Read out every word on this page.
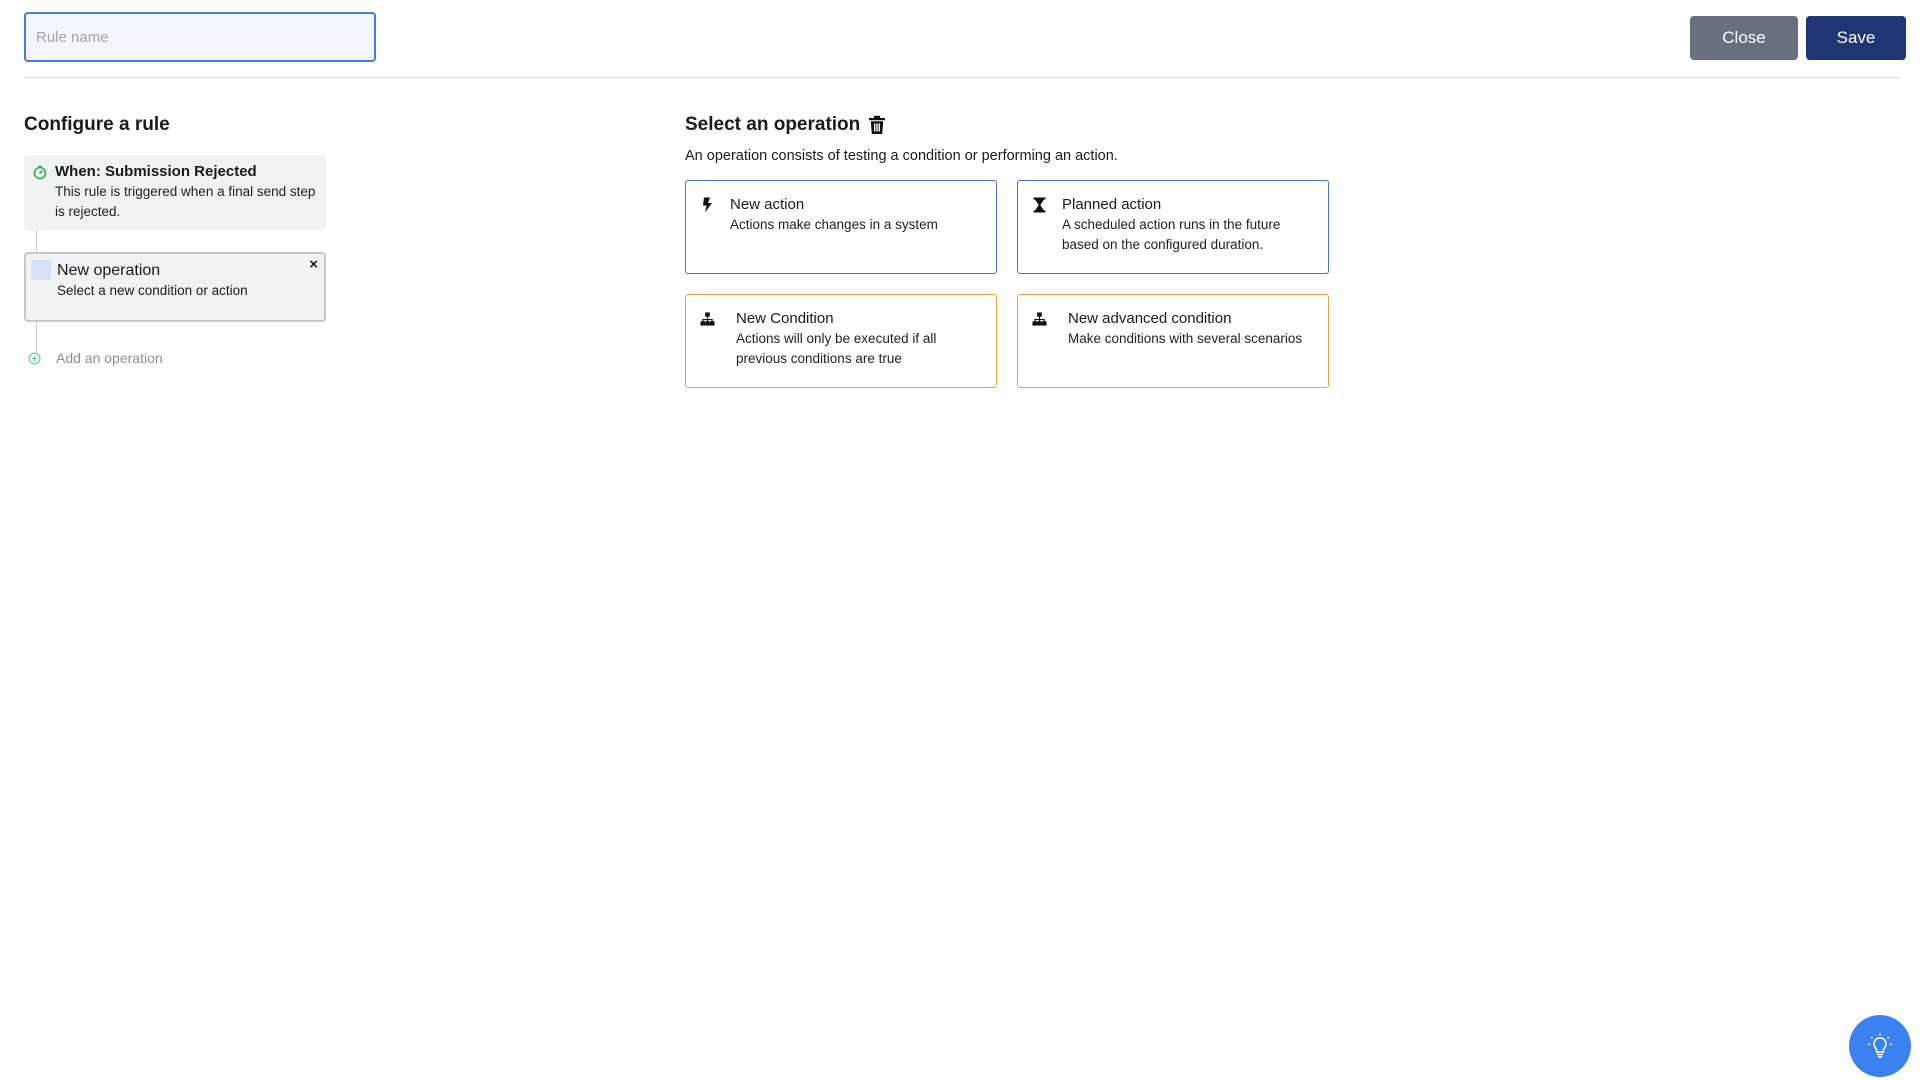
Rule name
Close	Save
Configure a rule
When: Submission Rejected
This rule is triggered when a final send step is rejected.
×
New operation
Select a new condition or action
Add an operation
Select an operation
An operation consists of testing a condition or performing an action.
New action
Actions make changes in a system
Planned action
A scheduled action runs in the future based on the configured duration.
New Condition
Actions will only be executed if all previous conditions are true
New advanced condition
Make conditions with several scenarios
